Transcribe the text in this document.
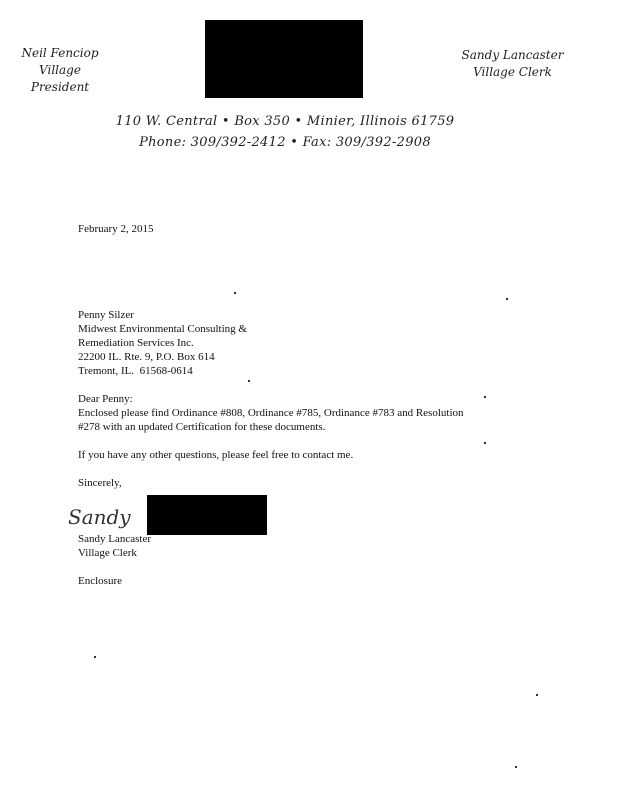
Neil Fenciop
Village President
Sandy Lancaster
Village Clerk
110 W. Central • Box 350 • Minier, Illinois 61759
Phone: 309/392-2412 • Fax: 309/392-2908
February 2, 2015
Penny Silzer
Midwest Environmental Consulting &
Remediation Services Inc.
22200 IL. Rte. 9, P.O. Box 614
Tremont, IL.  61568-0614
Dear Penny:
Enclosed please find Ordinance #808, Ordinance #785, Ordinance #783 and Resolution
#278 with an updated Certification for these documents.
If you have any other questions, please feel free to contact me.
Sincerely,
Sandy
Sandy Lancaster
Village Clerk
Enclosure
